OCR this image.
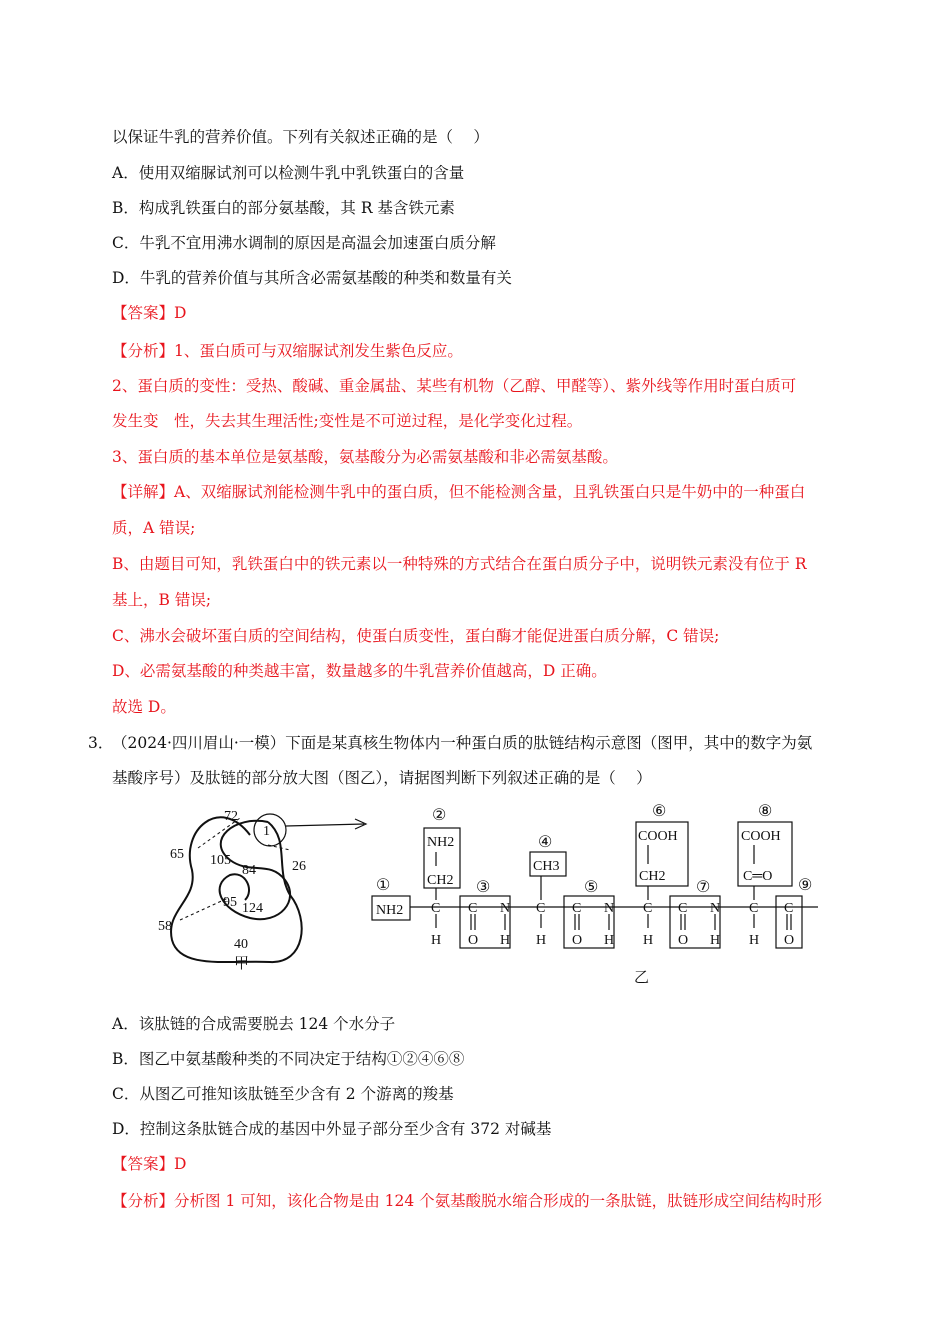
以保证牛乳的营养价值。下列有关叙述正确的是（　 ）
A．使用双缩脲试剂可以检测牛乳中乳铁蛋白的含量
B．构成乳铁蛋白的部分氨基酸，其 R 基含铁元素
C．牛乳不宜用沸水调制的原因是高温会加速蛋白质分解
D．牛乳的营养价值与其所含必需氨基酸的种类和数量有关
【答案】D
【分析】1、蛋白质可与双缩脲试剂发生紫色反应。
2、蛋白质的变性：受热、酸碱、重金属盐、某些有机物（乙醇、甲醛等）、紫外线等作用时蛋白质可
发生变　性，失去其生理活性;变性是不可逆过程，是化学变化过程。
3、蛋白质的基本单位是氨基酸，氨基酸分为必需氨基酸和非必需氨基酸。
【详解】A、双缩脲试剂能检测牛乳中的蛋白质，但不能检测含量，且乳铁蛋白只是牛奶中的一种蛋白
质，A 错误;
B、由题目可知，乳铁蛋白中的铁元素以一种特殊的方式结合在蛋白质分子中，说明铁元素没有位于 R
基上，B 错误;
C、沸水会破坏蛋白质的空间结构，使蛋白质变性，蛋白酶才能促进蛋白质分解，C 错误;
D、必需氨基酸的种类越丰富，数量越多的牛乳营养价值越高，D 正确。
故选 D。
3．
（2024·四川眉山·一模）下面是某真核生物体内一种蛋白质的肽链结构示意图（图甲，其中的数字为氨
基酸序号）及肽链的部分放大图（图乙），请据图判断下列叙述正确的是（　 ）
72
65 105
84	26
95 124
58
40
1
甲
①
②
③
④
⑤
⑥
⑦
⑧
⑨
NH2
NH2
CH2
CH3
COOH
CH2
COOH
C═O
C
H
C N
O H
C
H
C N
O H
C
H
C N
O H
C
H
C
O
乙
A．该肽链的合成需要脱去 124 个水分子
B．图乙中氨基酸种类的不同决定于结构①②④⑥⑧
C．从图乙可推知该肽链至少含有 2 个游离的羧基
D．控制这条肽链合成的基因中外显子部分至少含有 372 对碱基
【答案】D
【分析】分析图 1 可知，该化合物是由 124 个氨基酸脱水缩合形成的一条肽链，肽链形成空间结构时形
